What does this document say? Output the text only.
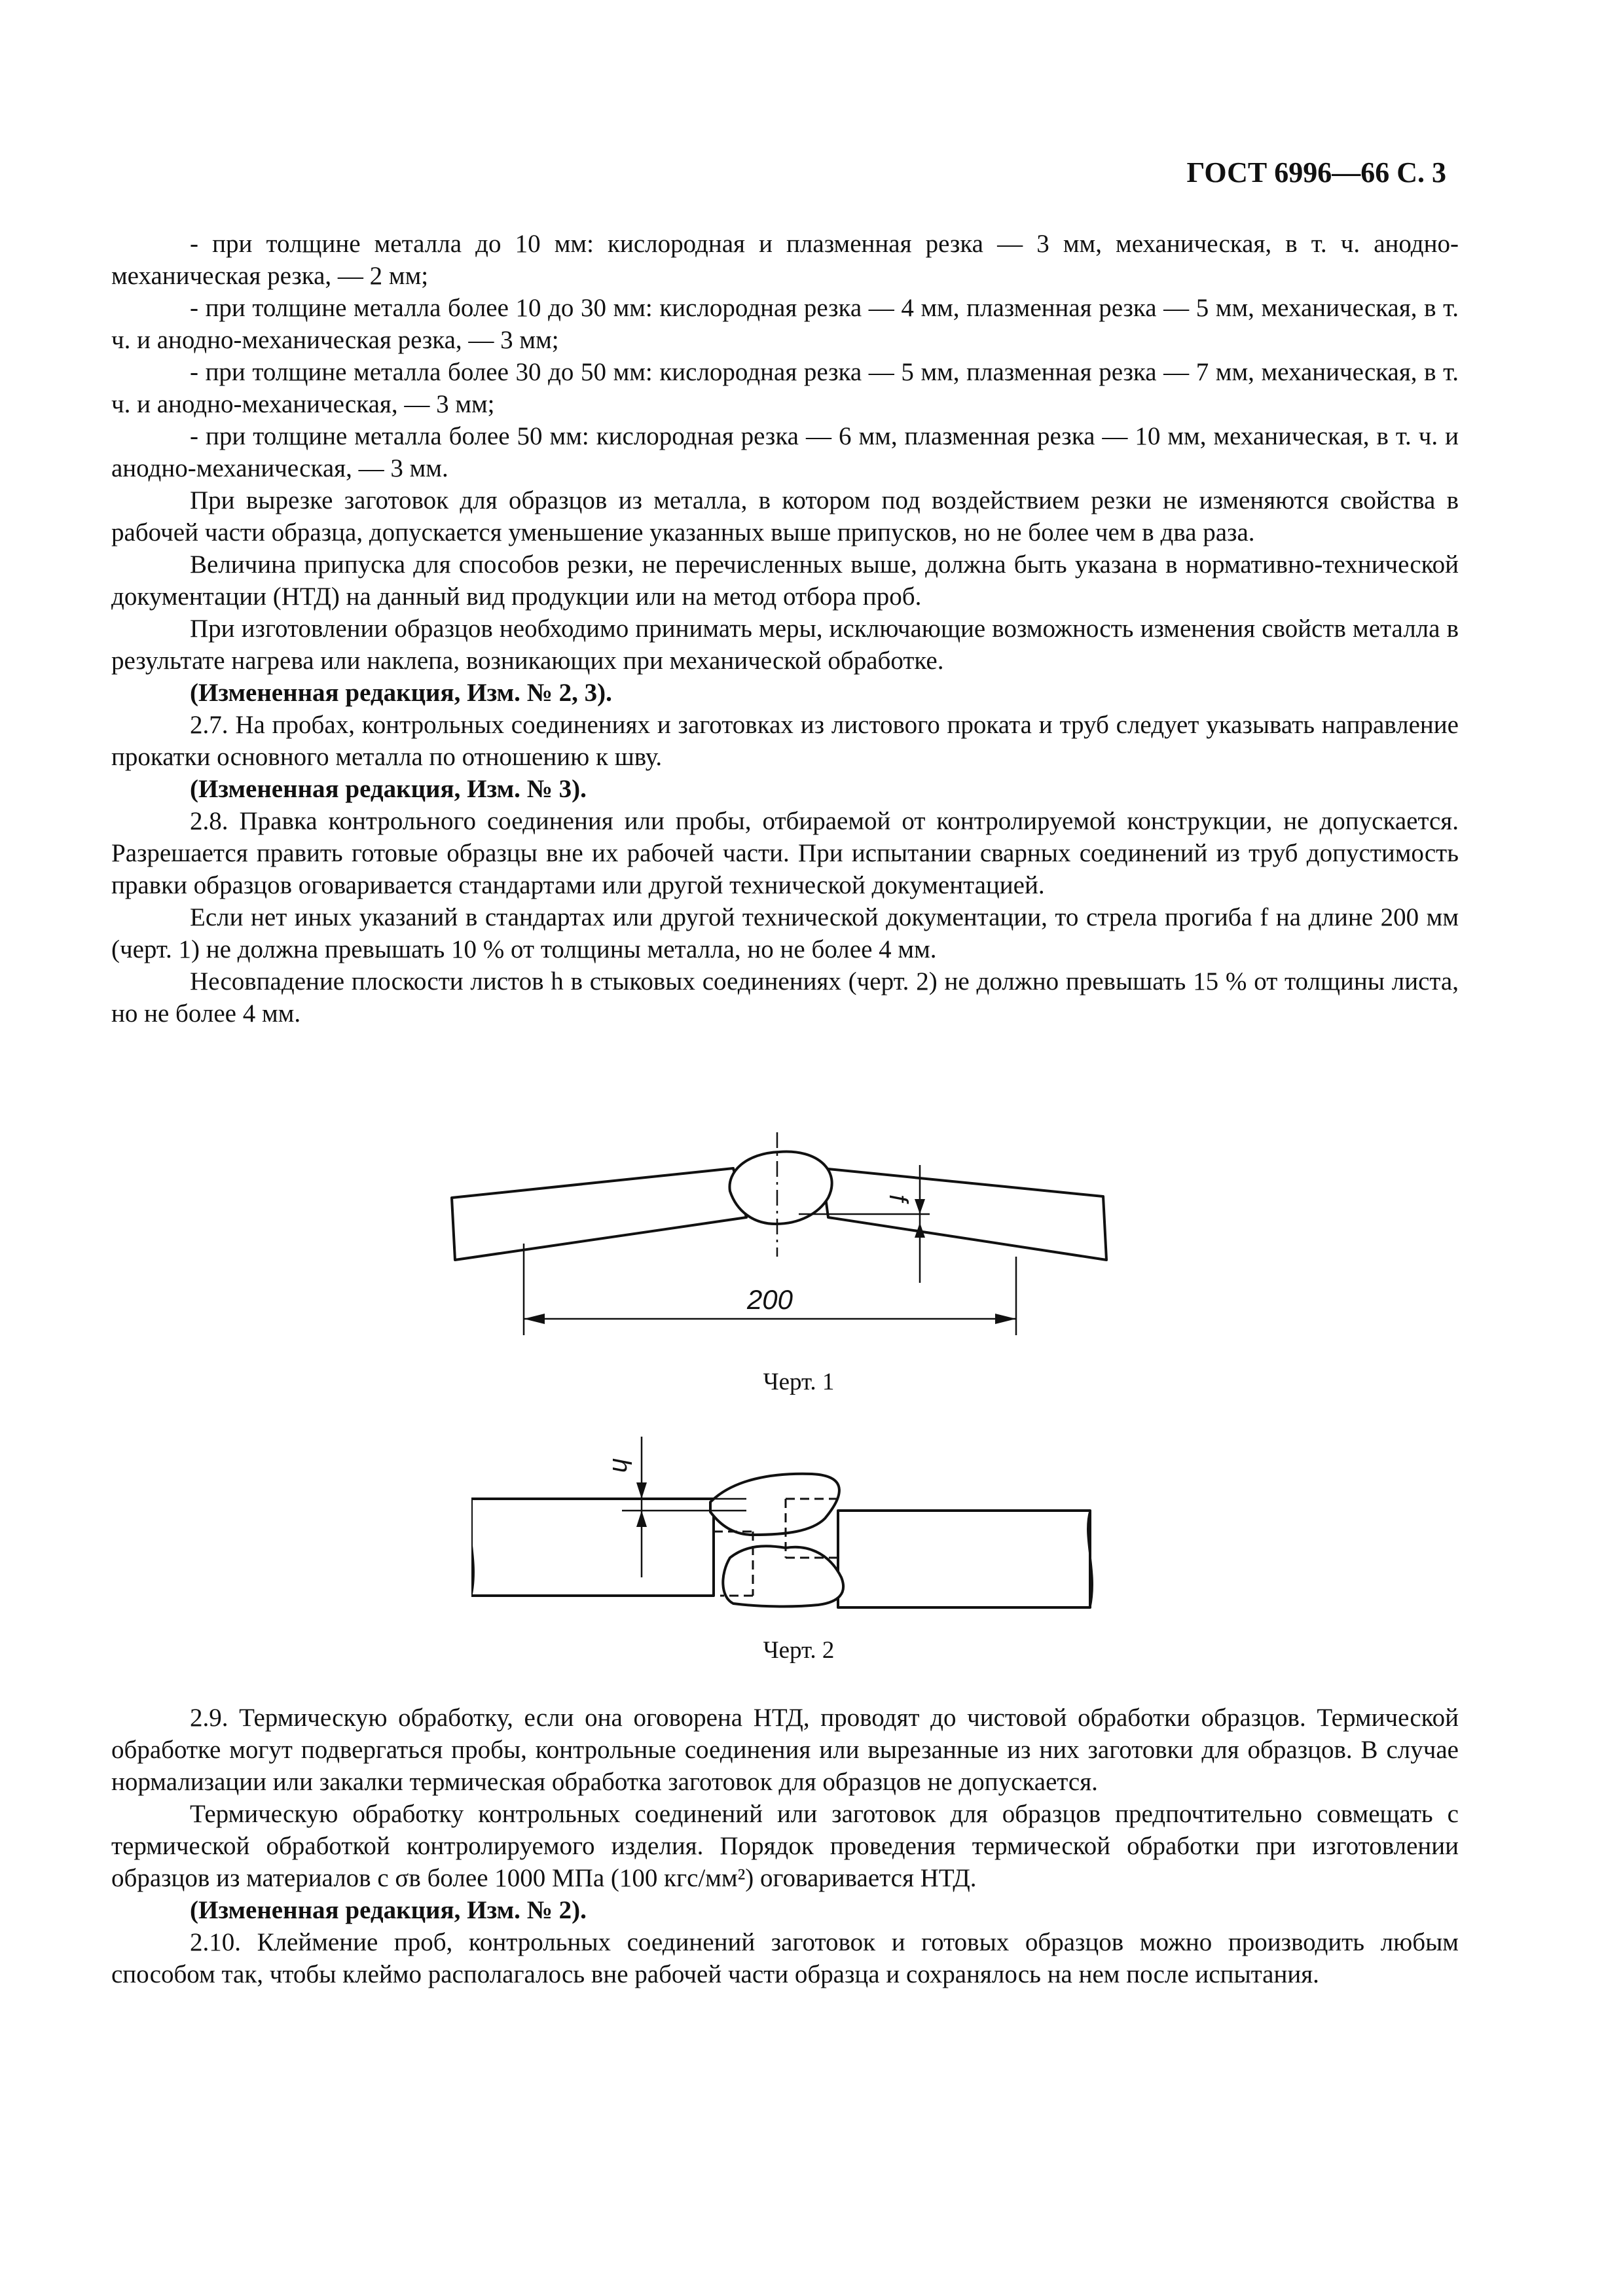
ГОСТ 6996—66 С. 3

- при толщине металла до 10 мм: кислородная и плазменная резка — 3 мм, механическая, в т. ч. анодно-механическая резка, — 2 мм;

- при толщине металла более 10 до 30 мм: кислородная резка — 4 мм, плазменная резка — 5 мм, механическая, в т. ч. и анодно-механическая резка, — 3 мм;

- при толщине металла более 30 до 50 мм: кислородная резка — 5 мм, плазменная резка — 7 мм, механическая, в т. ч. и анодно-механическая, — 3 мм;

- при толщине металла более 50 мм: кислородная резка — 6 мм, плазменная резка — 10 мм, механическая, в т. ч. и анодно-механическая, — 3 мм.

При вырезке заготовок для образцов из металла, в котором под воздействием резки не изменяются свойства в рабочей части образца, допускается уменьшение указанных выше припусков, но не более чем в два раза.

Величина припуска для способов резки, не перечисленных выше, должна быть указана в нормативно-технической документации (НТД) на данный вид продукции или на метод отбора проб.

При изготовлении образцов необходимо принимать меры, исключающие возможность изменения свойств металла в результате нагрева или наклепа, возникающих при механической обработке.

(Измененная редакция, Изм. № 2, 3).

2.7. На пробах, контрольных соединениях и заготовках из листового проката и труб следует указывать направление прокатки основного металла по отношению к шву.

(Измененная редакция, Изм. № 3).

2.8. Правка контрольного соединения или пробы, отбираемой от контролируемой конструкции, не допускается. Разрешается править готовые образцы вне их рабочей части. При испытании сварных соединений из труб допустимость правки образцов оговаривается стандартами или другой технической документацией.

Если нет иных указаний в стандартах или другой технической документации, то стрела прогиба f на длине 200 мм (черт. 1) не должна превышать 10 % от толщины металла, но не более 4 мм.

Несовпадение плоскости листов h в стыковых соединениях (черт. 2) не должно превышать 15 % от толщины листа, но не более 4 мм.

f
200
Черт. 1
h
Черт. 2

2.9. Термическую обработку, если она оговорена НТД, проводят до чистовой обработки образцов. Термической обработке могут подвергаться пробы, контрольные соединения или вырезанные из них заготовки для образцов. В случае нормализации или закалки термическая обработка заготовок для образцов не допускается.

Термическую обработку контрольных соединений или заготовок для образцов предпочтительно совмещать с термической обработкой контролируемого изделия. Порядок проведения термической обработки при изготовлении образцов из материалов с σв более 1000 МПа (100 кгс/мм²) оговаривается НТД.

(Измененная редакция, Изм. № 2).

2.10. Клеймение проб, контрольных соединений заготовок и готовых образцов можно производить любым способом так, чтобы клеймо располагалось вне рабочей части образца и сохранялось на нем после испытания.
